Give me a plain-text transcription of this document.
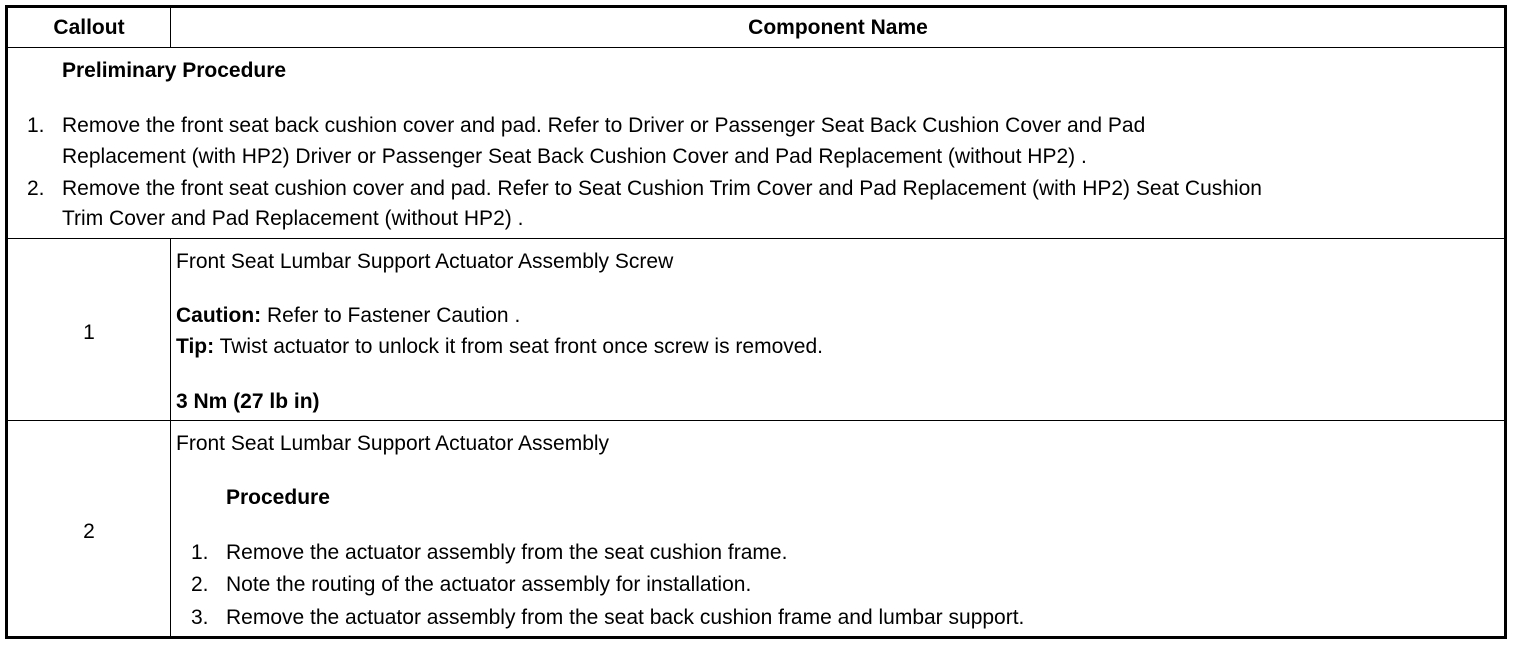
Callout	Component Name
Preliminary Procedure
1. Remove the front seat back cushion cover and pad. Refer to Driver or Passenger Seat Back Cushion Cover and Pad
Replacement (with HP2) Driver or Passenger Seat Back Cushion Cover and Pad Replacement (without HP2) .
2. Remove the front seat cushion cover and pad. Refer to Seat Cushion Trim Cover and Pad Replacement (with HP2) Seat Cushion
Trim Cover and Pad Replacement (without HP2) .
1
Front Seat Lumbar Support Actuator Assembly Screw
Caution: Refer to Fastener Caution .
Tip: Twist actuator to unlock it from seat front once screw is removed.
3 Nm (27 lb in)
2
Front Seat Lumbar Support Actuator Assembly
Procedure
1. Remove the actuator assembly from the seat cushion frame.
2. Note the routing of the actuator assembly for installation.
3. Remove the actuator assembly from the seat back cushion frame and lumbar support.
